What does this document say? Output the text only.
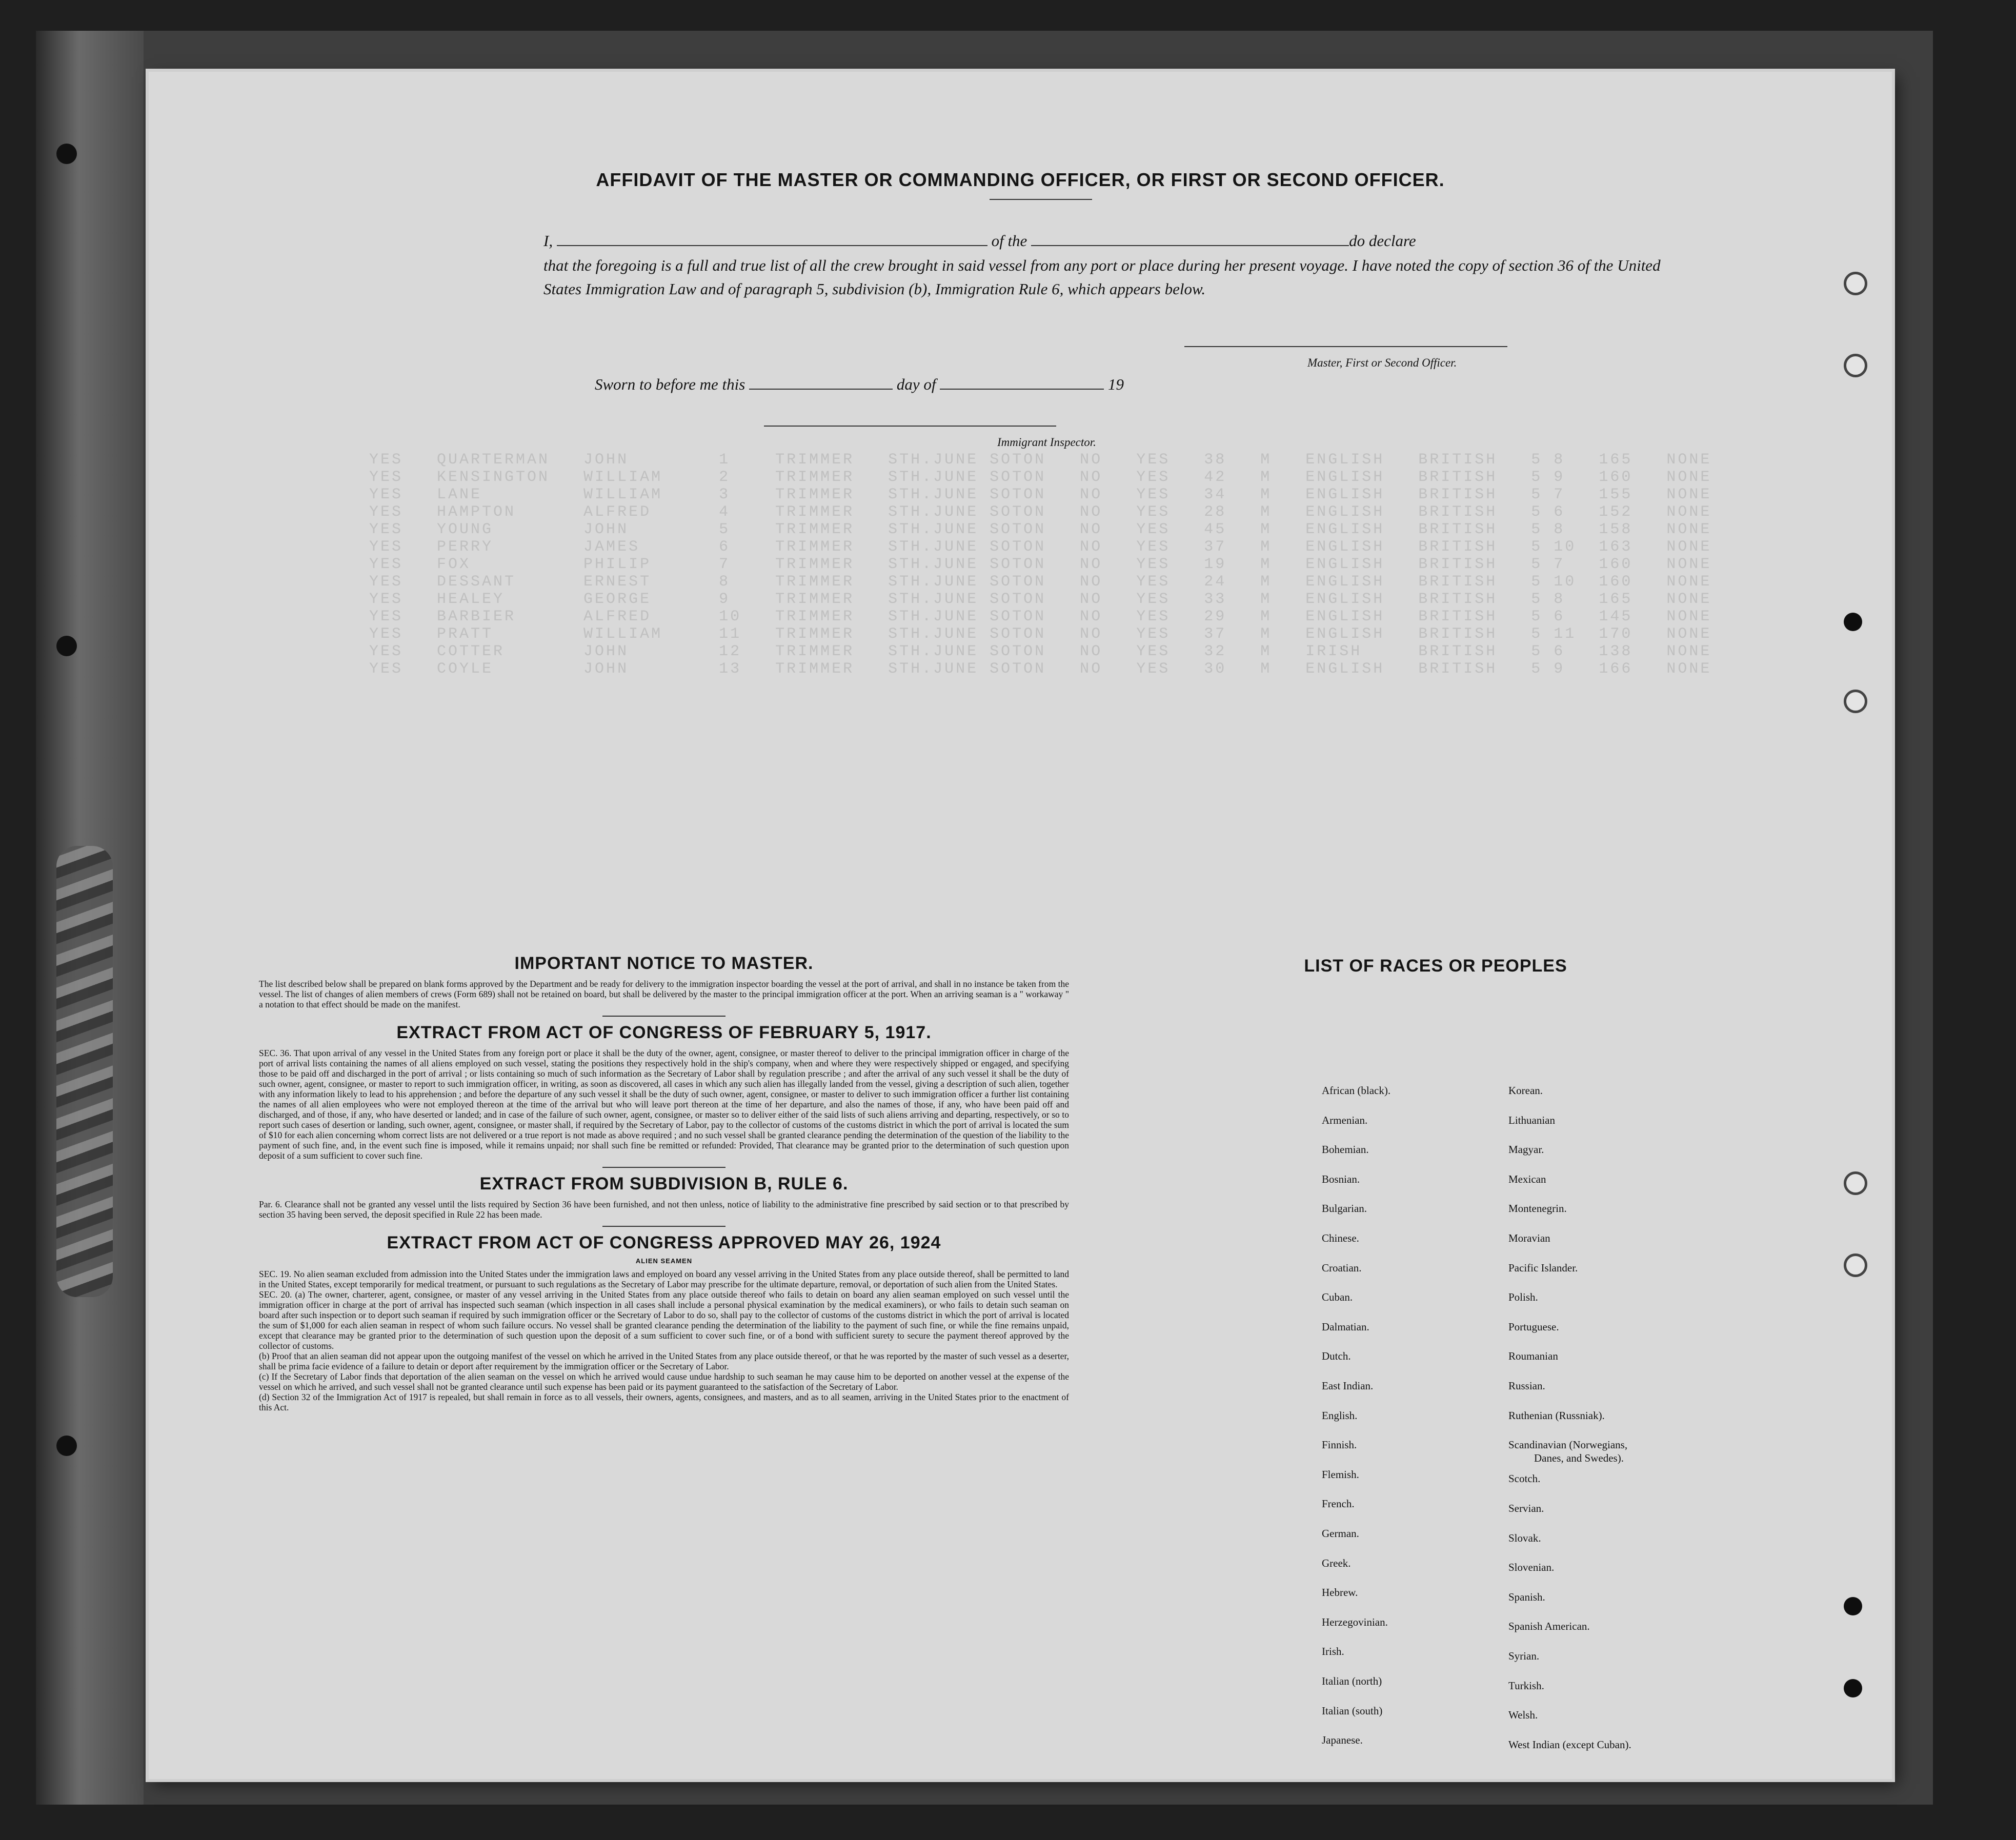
YES   QUARTERMAN   JOHN        1    TRIMMER   STH.JUNE SOTON   NO   YES   38   M   ENGLISH   BRITISH   5 8   165   NONE
YES   KENSINGTON   WILLIAM     2    TRIMMER   STH.JUNE SOTON   NO   YES   42   M   ENGLISH   BRITISH   5 9   160   NONE
YES   LANE         WILLIAM     3    TRIMMER   STH.JUNE SOTON   NO   YES   34   M   ENGLISH   BRITISH   5 7   155   NONE
YES   HAMPTON      ALFRED      4    TRIMMER   STH.JUNE SOTON   NO   YES   28   M   ENGLISH   BRITISH   5 6   152   NONE
YES   YOUNG        JOHN        5    TRIMMER   STH.JUNE SOTON   NO   YES   45   M   ENGLISH   BRITISH   5 8   158   NONE
YES   PERRY        JAMES       6    TRIMMER   STH.JUNE SOTON   NO   YES   37   M   ENGLISH   BRITISH   5 10  163   NONE
YES   FOX          PHILIP      7    TRIMMER   STH.JUNE SOTON   NO   YES   19   M   ENGLISH   BRITISH   5 7   160   NONE
YES   DESSANT      ERNEST      8    TRIMMER   STH.JUNE SOTON   NO   YES   24   M   ENGLISH   BRITISH   5 10  160   NONE
YES   HEALEY       GEORGE      9    TRIMMER   STH.JUNE SOTON   NO   YES   33   M   ENGLISH   BRITISH   5 8   165   NONE
YES   BARBIER      ALFRED      10   TRIMMER   STH.JUNE SOTON   NO   YES   29   M   ENGLISH   BRITISH   5 6   145   NONE
YES   PRATT        WILLIAM     11   TRIMMER   STH.JUNE SOTON   NO   YES   37   M   ENGLISH   BRITISH   5 11  170   NONE
YES   COTTER       JOHN        12   TRIMMER   STH.JUNE SOTON   NO   YES   32   M   IRISH     BRITISH   5 6   138   NONE
YES   COYLE        JOHN        13   TRIMMER   STH.JUNE SOTON   NO   YES   30   M   ENGLISH   BRITISH   5 9   166   NONE
AFFIDAVIT OF THE MASTER OR COMMANDING OFFICER, OR FIRST OR SECOND OFFICER.
I,	of the	do declare
that the foregoing is a full and true list of all the crew brought in said vessel from any port or place during her present voyage. I have noted the copy of section 36 of the United States Immigration Law and of paragraph 5, subdivision (b), Immigration Rule 6, which appears below.
Master, First or Second Officer.
Sworn to before me this	day of	19
Immigrant Inspector.
IMPORTANT NOTICE TO MASTER.

The list described below shall be prepared on blank forms approved by the Department and be ready for delivery to the immigration inspector boarding the vessel at the port of arrival, and shall in no instance be taken from the vessel. The list of changes of alien members of crews (Form 689) shall not be retained on board, but shall be delivered by the master to the principal immigration officer at the port. When an arriving seaman is a " workaway " a notation to that effect should be made on the manifest.

EXTRACT FROM ACT OF CONGRESS OF FEBRUARY 5, 1917.

SEC. 36. That upon arrival of any vessel in the United States from any foreign port or place it shall be the duty of the owner, agent, consignee, or master thereof to deliver to the principal immigration officer in charge of the port of arrival lists containing the names of all aliens employed on such vessel, stating the positions they respectively hold in the ship's company, when and where they were respectively shipped or engaged, and specifying those to be paid off and discharged in the port of arrival ; or lists containing so much of such information as the Secretary of Labor shall by regulation prescribe ; and after the arrival of any such vessel it shall be the duty of such owner, agent, consignee, or master to report to such immigration officer, in writing, as soon as discovered, all cases in which any such alien has illegally landed from the vessel, giving a description of such alien, together with any information likely to lead to his apprehension ; and before the departure of any such vessel it shall be the duty of such owner, agent, consignee, or master to deliver to such immigration officer a further list containing the names of all alien employees who were not employed thereon at the time of the arrival but who will leave port thereon at the time of her departure, and also the names of those, if any, who have been paid off and discharged, and of those, if any, who have deserted or landed; and in case of the failure of such owner, agent, consignee, or master so to deliver either of the said lists of such aliens arriving and departing, respectively, or so to report such cases of desertion or landing, such owner, agent, consignee, or master shall, if required by the Secretary of Labor, pay to the collector of customs of the customs district in which the port of arrival is located the sum of $10 for each alien concerning whom correct lists are not delivered or a true report is not made as above required ; and no such vessel shall be granted clearance pending the determination of the question of the liability to the payment of such fine, and, in the event such fine is imposed, while it remains unpaid; nor shall such fine be remitted or refunded: Provided, That clearance may be granted prior to the determination of such question upon deposit of a sum sufficient to cover such fine.

EXTRACT FROM SUBDIVISION B, RULE 6.

Par. 6. Clearance shall not be granted any vessel until the lists required by Section 36 have been furnished, and not then unless, notice of liability to the administrative fine prescribed by said section or to that prescribed by section 35 having been served, the deposit specified in Rule 22 has been made.

EXTRACT FROM ACT OF CONGRESS APPROVED MAY 26, 1924
ALIEN SEAMEN

SEC. 19. No alien seaman excluded from admission into the United States under the immigration laws and employed on board any vessel arriving in the United States from any place outside thereof, shall be permitted to land in the United States, except temporarily for medical treatment, or pursuant to such regulations as the Secretary of Labor may prescribe for the ultimate departure, removal, or deportation of such alien from the United States.

SEC. 20. (a) The owner, charterer, agent, consignee, or master of any vessel arriving in the United States from any place outside thereof who fails to detain on board any alien seaman employed on such vessel until the immigration officer in charge at the port of arrival has inspected such seaman (which inspection in all cases shall include a personal physical examination by the medical examiners), or who fails to detain such seaman on board after such inspection or to deport such seaman if required by such immigration officer or the Secretary of Labor to do so, shall pay to the collector of customs of the customs district in which the port of arrival is located the sum of $1,000 for each alien seaman in respect of whom such failure occurs. No vessel shall be granted clearance pending the determination of the liability to the payment of such fine, or while the fine remains unpaid, except that clearance may be granted prior to the determination of such question upon the deposit of a sum sufficient to cover such fine, or of a bond with sufficient surety to secure the payment thereof approved by the collector of customs.

(b) Proof that an alien seaman did not appear upon the outgoing manifest of the vessel on which he arrived in the United States from any place outside thereof, or that he was reported by the master of such vessel as a deserter, shall be prima facie evidence of a failure to detain or deport after requirement by the immigration officer or the Secretary of Labor.

(c) If the Secretary of Labor finds that deportation of the alien seaman on the vessel on which he arrived would cause undue hardship to such seaman he may cause him to be deported on another vessel at the expense of the vessel on which he arrived, and such vessel shall not be granted clearance until such expense has been paid or its payment guaranteed to the satisfaction of the Secretary of Labor.

(d) Section 32 of the Immigration Act of 1917 is repealed, but shall remain in force as to all vessels, their owners, agents, consignees, and masters, and as to all seamen, arriving in the United States prior to the enactment of this Act.

LIST OF RACES OR PEOPLES
African (black).
Armenian.
Bohemian.
Bosnian.
Bulgarian.
Chinese.
Croatian.
Cuban.
Dalmatian.
Dutch.
East Indian.
English.
Finnish.
Flemish.
French.
German.
Greek.
Hebrew.
Herzegovinian.
Irish.
Italian (north)
Italian (south)
Japanese.
Korean.
Lithuanian
Magyar.
Mexican
Montenegrin.
Moravian
Pacific Islander.
Polish.
Portuguese.
Roumanian
Russian.
Ruthenian (Russniak).
Scandinavian (Norwegians,
Danes, and Swedes).
Scotch.
Servian.
Slovak.
Slovenian.
Spanish.
Spanish American.
Syrian.
Turkish.
Welsh.
West Indian (except Cuban).
